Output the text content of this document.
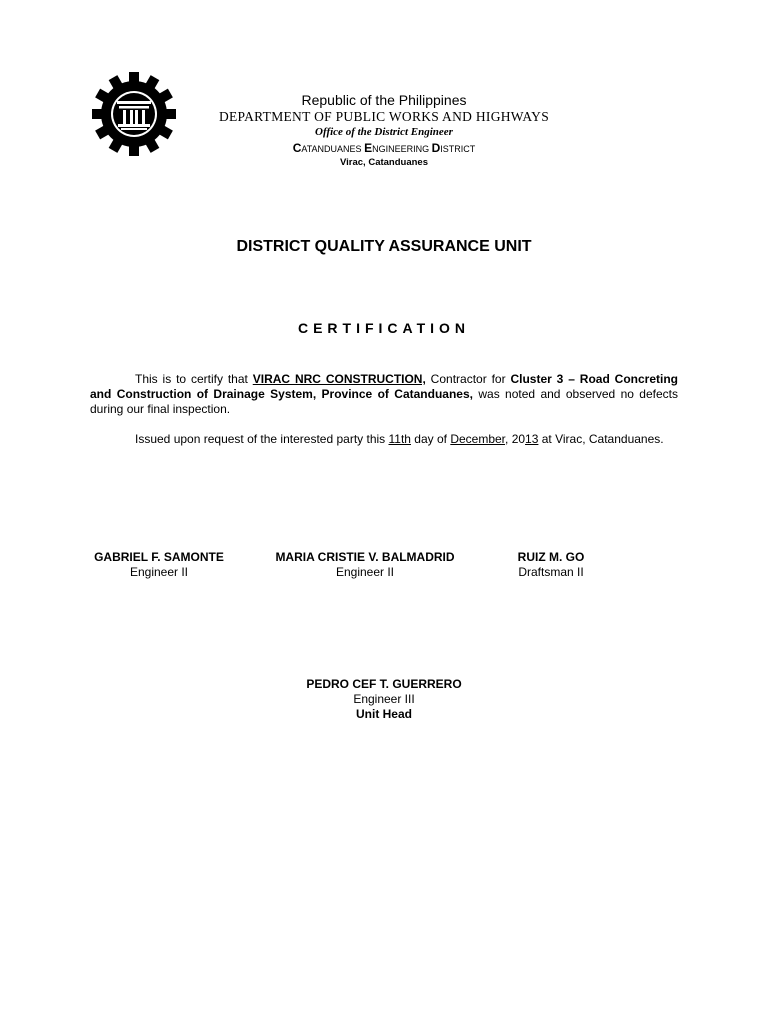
Republic of the Philippines
DEPARTMENT OF PUBLIC WORKS AND HIGHWAYS
Office of the District Engineer
CATANDUANES ENGINEERING DISTRICT
Virac, Catanduanes
DISTRICT QUALITY ASSURANCE UNIT
CERTIFICATION
This is to certify that VIRAC NRC CONSTRUCTION, Contractor for Cluster 3 – Road Concreting and Construction of Drainage System, Province of Catanduanes, was noted and observed no defects during our final inspection.
Issued upon request of the interested party this 11th day of December, 2013 at Virac, Catanduanes.
GABRIEL F. SAMONTE
Engineer II
MARIA CRISTIE V. BALMADRID
Engineer II
RUIZ M. GO
Draftsman II
PEDRO CEF T. GUERRERO
Engineer III
Unit Head
